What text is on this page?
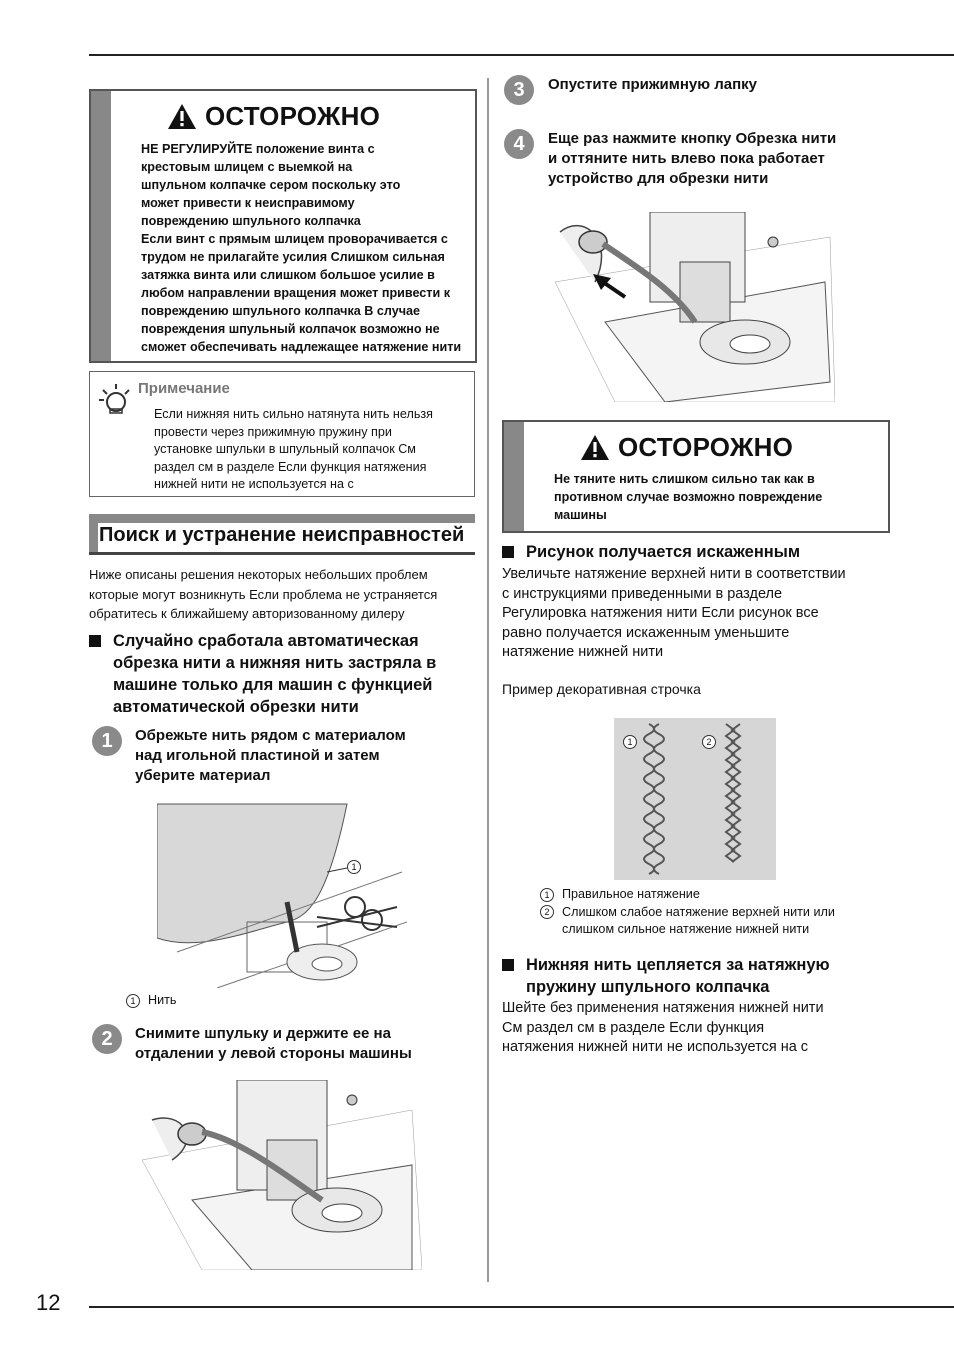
ОСТОРОЖНО

НЕ РЕГУЛИРУЙТЕ положение винта с

крестовым шлицем с выемкой на

шпульном колпачке сером поскольку это

может привести к неисправимому

повреждению шпульного колпачка

Если винт с прямым шлицем проворачивается с

трудом не прилагайте усилия Слишком сильная

затяжка винта или слишком большое усилие в

любом направлении вращения может привести к

повреждению шпульного колпачка В случае

повреждения шпульный колпачок возможно не

сможет обеспечивать надлежащее натяжение нити

Примечание
Если нижняя нить сильно натянута нить нельзя
провести через прижимную пружину при
установке шпульки в шпульный колпачок См
раздел см в разделе Если функция натяжения
нижней нити не используется на с
Поиск и устранение неисправностей

Ниже описаны решения некоторых небольших проблем

которые могут возникнуть Если проблема не устраняется

обратитесь к ближайшему авторизованному дилеру

Случайно сработала автоматическая

обрезка нити а нижняя нить застряла в

машине только для машин с функцией

автоматической обрезки нити

1	Обрежьте нить рядом с материалом

над игольной пластиной и затем

уберите материал

1

1 Нить

2	Снимите шпульку и держите ее на

отдалении у левой стороны машины

3	Опустите прижимную лапку

4	Еще раз нажмите кнопку Обрезка нити

и оттяните нить влево пока работает

устройство для обрезки нити

ОСТОРОЖНО

Не тяните нить слишком сильно так как в

противном случае возможно повреждение

машины

Рисунок получается искаженным

Увеличьте натяжение верхней нити в соответствии

с инструкциями приведенными в разделе

Регулировка натяжения нити Если рисунок все

равно получается искаженным уменьшите

натяжение нижней нити

Пример декоративная строчка
1	2

1 Правильное натяжение

2 Слишком слабое натяжение верхней нити или

слишком сильное натяжение нижней нити

Нижняя нить цепляется за натяжную

пружину шпульного колпачка

Шейте без применения натяжения нижней нити

См раздел см в разделе Если функция

натяжения нижней нити не используется на с

12
